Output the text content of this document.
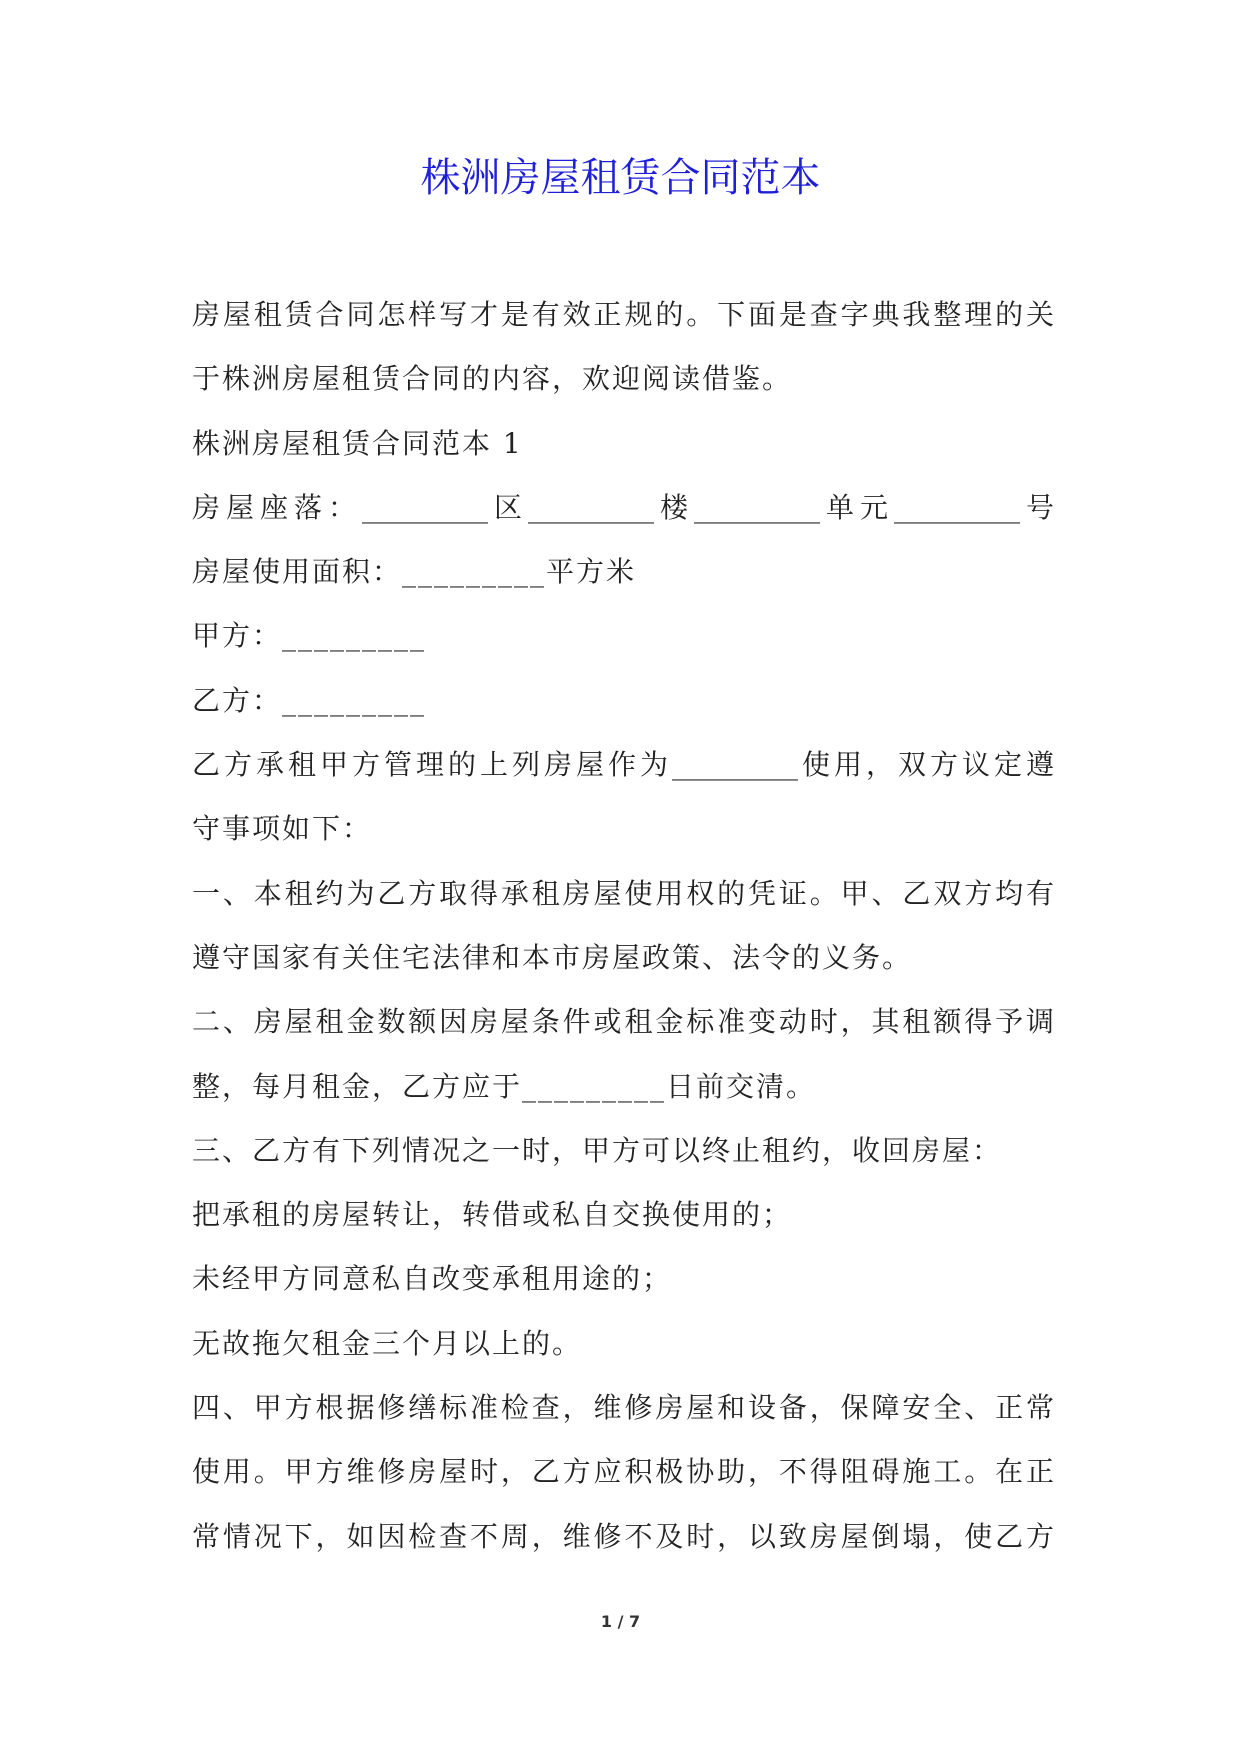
株洲房屋租赁合同范本
房屋租赁合同怎样写才是有效正规的。下面是查字典我整理的关
于株洲房屋租赁合同的内容，欢迎阅读借鉴。
株洲房屋租赁合同范本 1
房屋座落：_________区_________楼_________单元_________号
房屋使用面积：_________平方米
甲方：_________
乙方：_________
乙方承租甲方管理的上列房屋作为_________使用，双方议定遵
守事项如下：
一、本租约为乙方取得承租房屋使用权的凭证。甲、乙双方均有
遵守国家有关住宅法律和本市房屋政策、法令的义务。
二、房屋租金数额因房屋条件或租金标准变动时，其租额得予调
整，每月租金，乙方应于_________日前交清。
三、乙方有下列情况之一时，甲方可以终止租约，收回房屋：
把承租的房屋转让，转借或私自交换使用的；
未经甲方同意私自改变承租用途的；
无故拖欠租金三个月以上的。
四、甲方根据修缮标准检查，维修房屋和设备，保障安全、正常
使用。甲方维修房屋时，乙方应积极协助，不得阻碍施工。在正
常情况下，如因检查不周，维修不及时，以致房屋倒塌，使乙方
1 / 7
